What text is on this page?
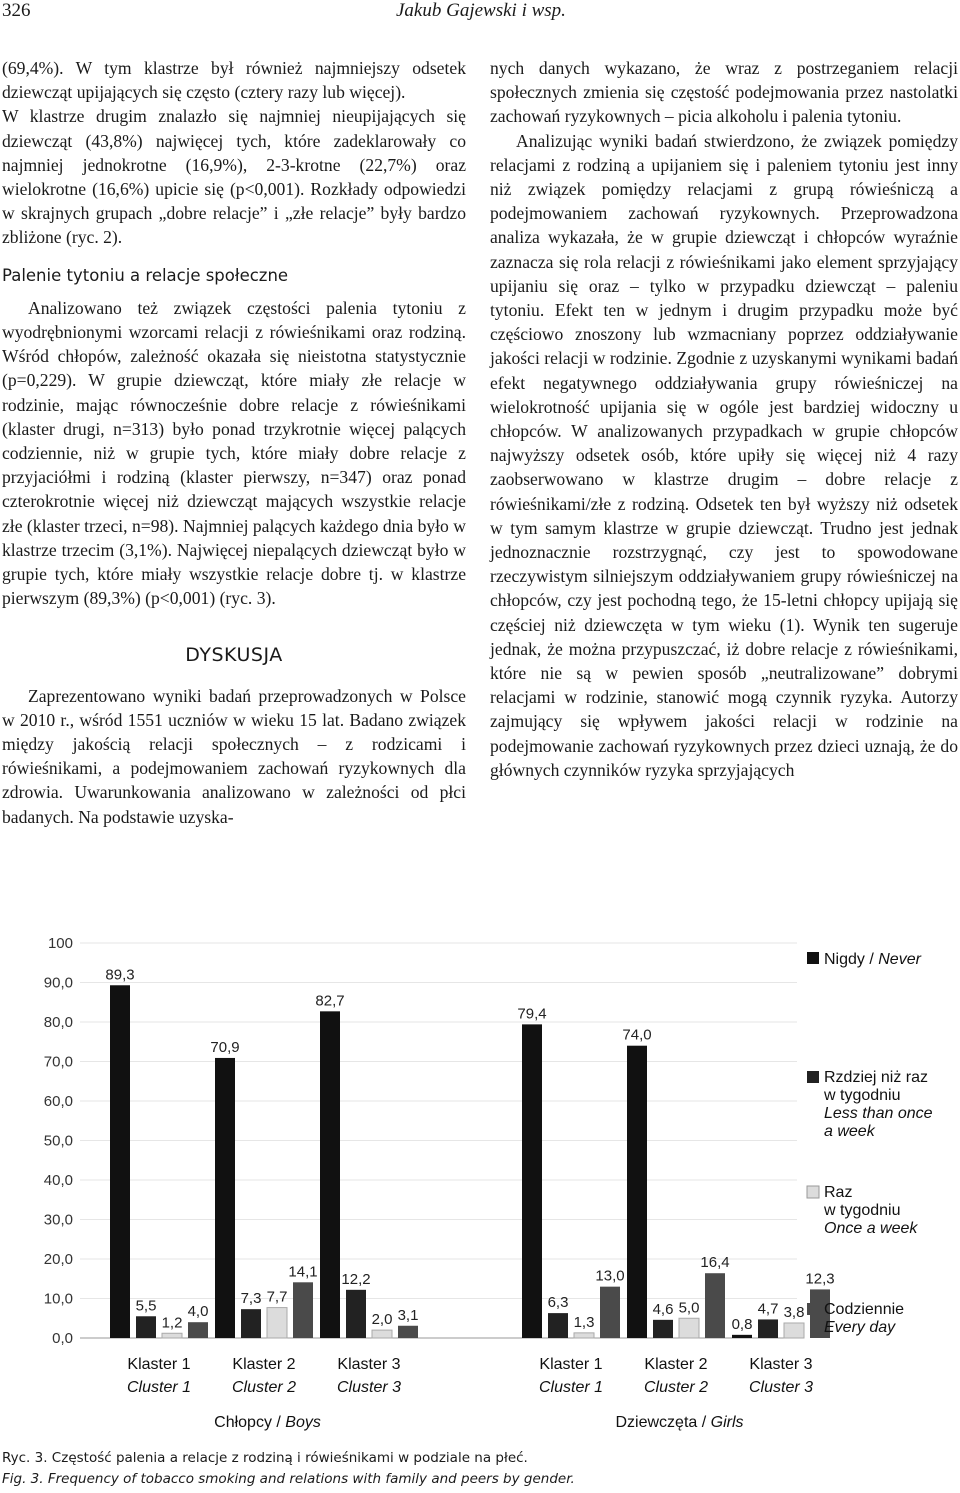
326	Jakub Gajewski i wsp.

(69,4%). W tym klastrze był również najmniejszy odsetek dziewcząt upijających się często (cztery razy lub więcej).

W klastrze drugim znalazło się najmniej nieupijających się dziewcząt (43,8%) najwięcej tych, które zadeklarowały co najmniej jednokrotne (16,9%), 2-3-krotne (22,7%) oraz wielokrotne (16,6%) upicie się (p<0,001). Rozkłady odpowiedzi w skrajnych grupach „dobre relacje” i „złe relacje” były bardzo zbliżone (ryc. 2).

Palenie tytoniu a relacje społeczne

Analizowano też związek częstości palenia tytoniu z wyodrębnionymi wzorcami relacji z rówieśnikami oraz rodziną. Wśród chłopów, zależność okazała się nieistotna statystycznie (p=0,229). W grupie dziewcząt, które miały złe relacje w rodzinie, mając równocześnie dobre relacje z rówieśnikami (klaster drugi, n=313) było ponad trzykrotnie więcej palących codziennie, niż w grupie tych, które miały dobre relacje z przyjaciółmi i rodziną (klaster pierwszy, n=347) oraz ponad czterokrotnie więcej niż dziewcząt mających wszystkie relacje złe (klaster trzeci, n=98). Najmniej palących każdego dnia było w klastrze trzecim (3,1%). Najwięcej niepalących dziewcząt było w grupie tych, które miały wszystkie relacje dobre tj. w klastrze pierwszym (89,3%) (p<0,001) (ryc. 3).

DYSKUSJA

Zaprezentowano wyniki badań przeprowadzonych w Polsce w 2010 r., wśród 1551 uczniów w wieku 15 lat. Badano związek między jakością relacji społecznych – z rodzicami i rówieśnikami, a podejmowaniem zachowań ryzykownych dla zdrowia. Uwarunkowania analizowano w zależności od płci badanych. Na podstawie uzyska-

nych danych wykazano, że wraz z postrzeganiem relacji społecznych zmienia się częstość podejmowania przez nastolatki zachowań ryzykownych – picia alkoholu i palenia tytoniu.

Analizując wyniki badań stwierdzono, że związek pomiędzy relacjami z rodziną a upijaniem się i paleniem tytoniu jest inny niż związek pomiędzy relacjami z grupą rówieśniczą a podejmowaniem zachowań ryzykownych. Przeprowadzona analiza wykazała, że w grupie dziewcząt i chłopców wyraźnie zaznacza się rola relacji z rówieśnikami jako element sprzyjający upijaniu się oraz – tylko w przypadku dziewcząt – paleniu tytoniu. Efekt ten w jednym i drugim przypadku może być częściowo znoszony lub wzmacniany poprzez oddziaływanie jakości relacji w rodzinie. Zgodnie z uzyskanymi wynikami badań efekt negatywnego oddziaływania grupy rówieśniczej na wielokrotność upijania się w ogóle jest bardziej widoczny u chłopców. W analizowanych przypadkach w grupie chłopców najwyższy odsetek osób, które upiły się więcej niż 4 razy zaobserwowano w klastrze drugim – dobre relacje z rówieśnikami/złe z rodziną. Odsetek ten był wyższy niż odsetek w tym samym klastrze w grupie dziewcząt. Trudno jest jednak jednoznacznie rozstrzygnąć, czy jest to spowodowane rzeczywistym silniejszym oddziaływaniem grupy rówieśniczej na chłopców, czy jest pochodną tego, że 15-letni chłopcy upijają się częściej niż dziewczęta w tym wieku (1). Wynik ten sugeruje jednak, że można przypuszczać, iż dobre relacje z rówieśnikami, które nie są w pewien sposób „neutralizowane” dobrymi relacjami w rodzinie, stanowić mogą czynnik ryzyka. Autorzy zajmujący się wpływem jakości relacji w rodzinie na podejmowanie zachowań ryzykownych przez dzieci uznają, że do głównych czynników ryzyka sprzyjających

100
90,0
80,0
70,0
60,0
50,0
40,0
30,0
20,0
10,0
0,0
89,3
5,5
1,2
4,0
70,9
7,3 7,7
14,1
82,7
12,2
2,0 3,1
79,4
6,3
1,3
13,0
74,0
4,6 5,0
16,4
0,8
4,7 3,8
12,3
Klaster 1
Cluster 1
Klaster 2
Cluster 2
Klaster 3
Cluster 3
Klaster 1
Cluster 1
Klaster 2
Cluster 2
Klaster 3
Cluster 3
Chłopcy / Boys	Dziewczęta / Girls
Nigdy / Never
Rzdziej niż raz
w tygodniu
Less than once
a week
Raz
w tygodniu
Once a week
Codziennie
Every day
Ryc. 3. Częstość palenia a relacje z rodziną i rówieśnikami w podziale na płeć.
Fig. 3. Frequency of tobacco smoking and relations with family and peers by gender.
